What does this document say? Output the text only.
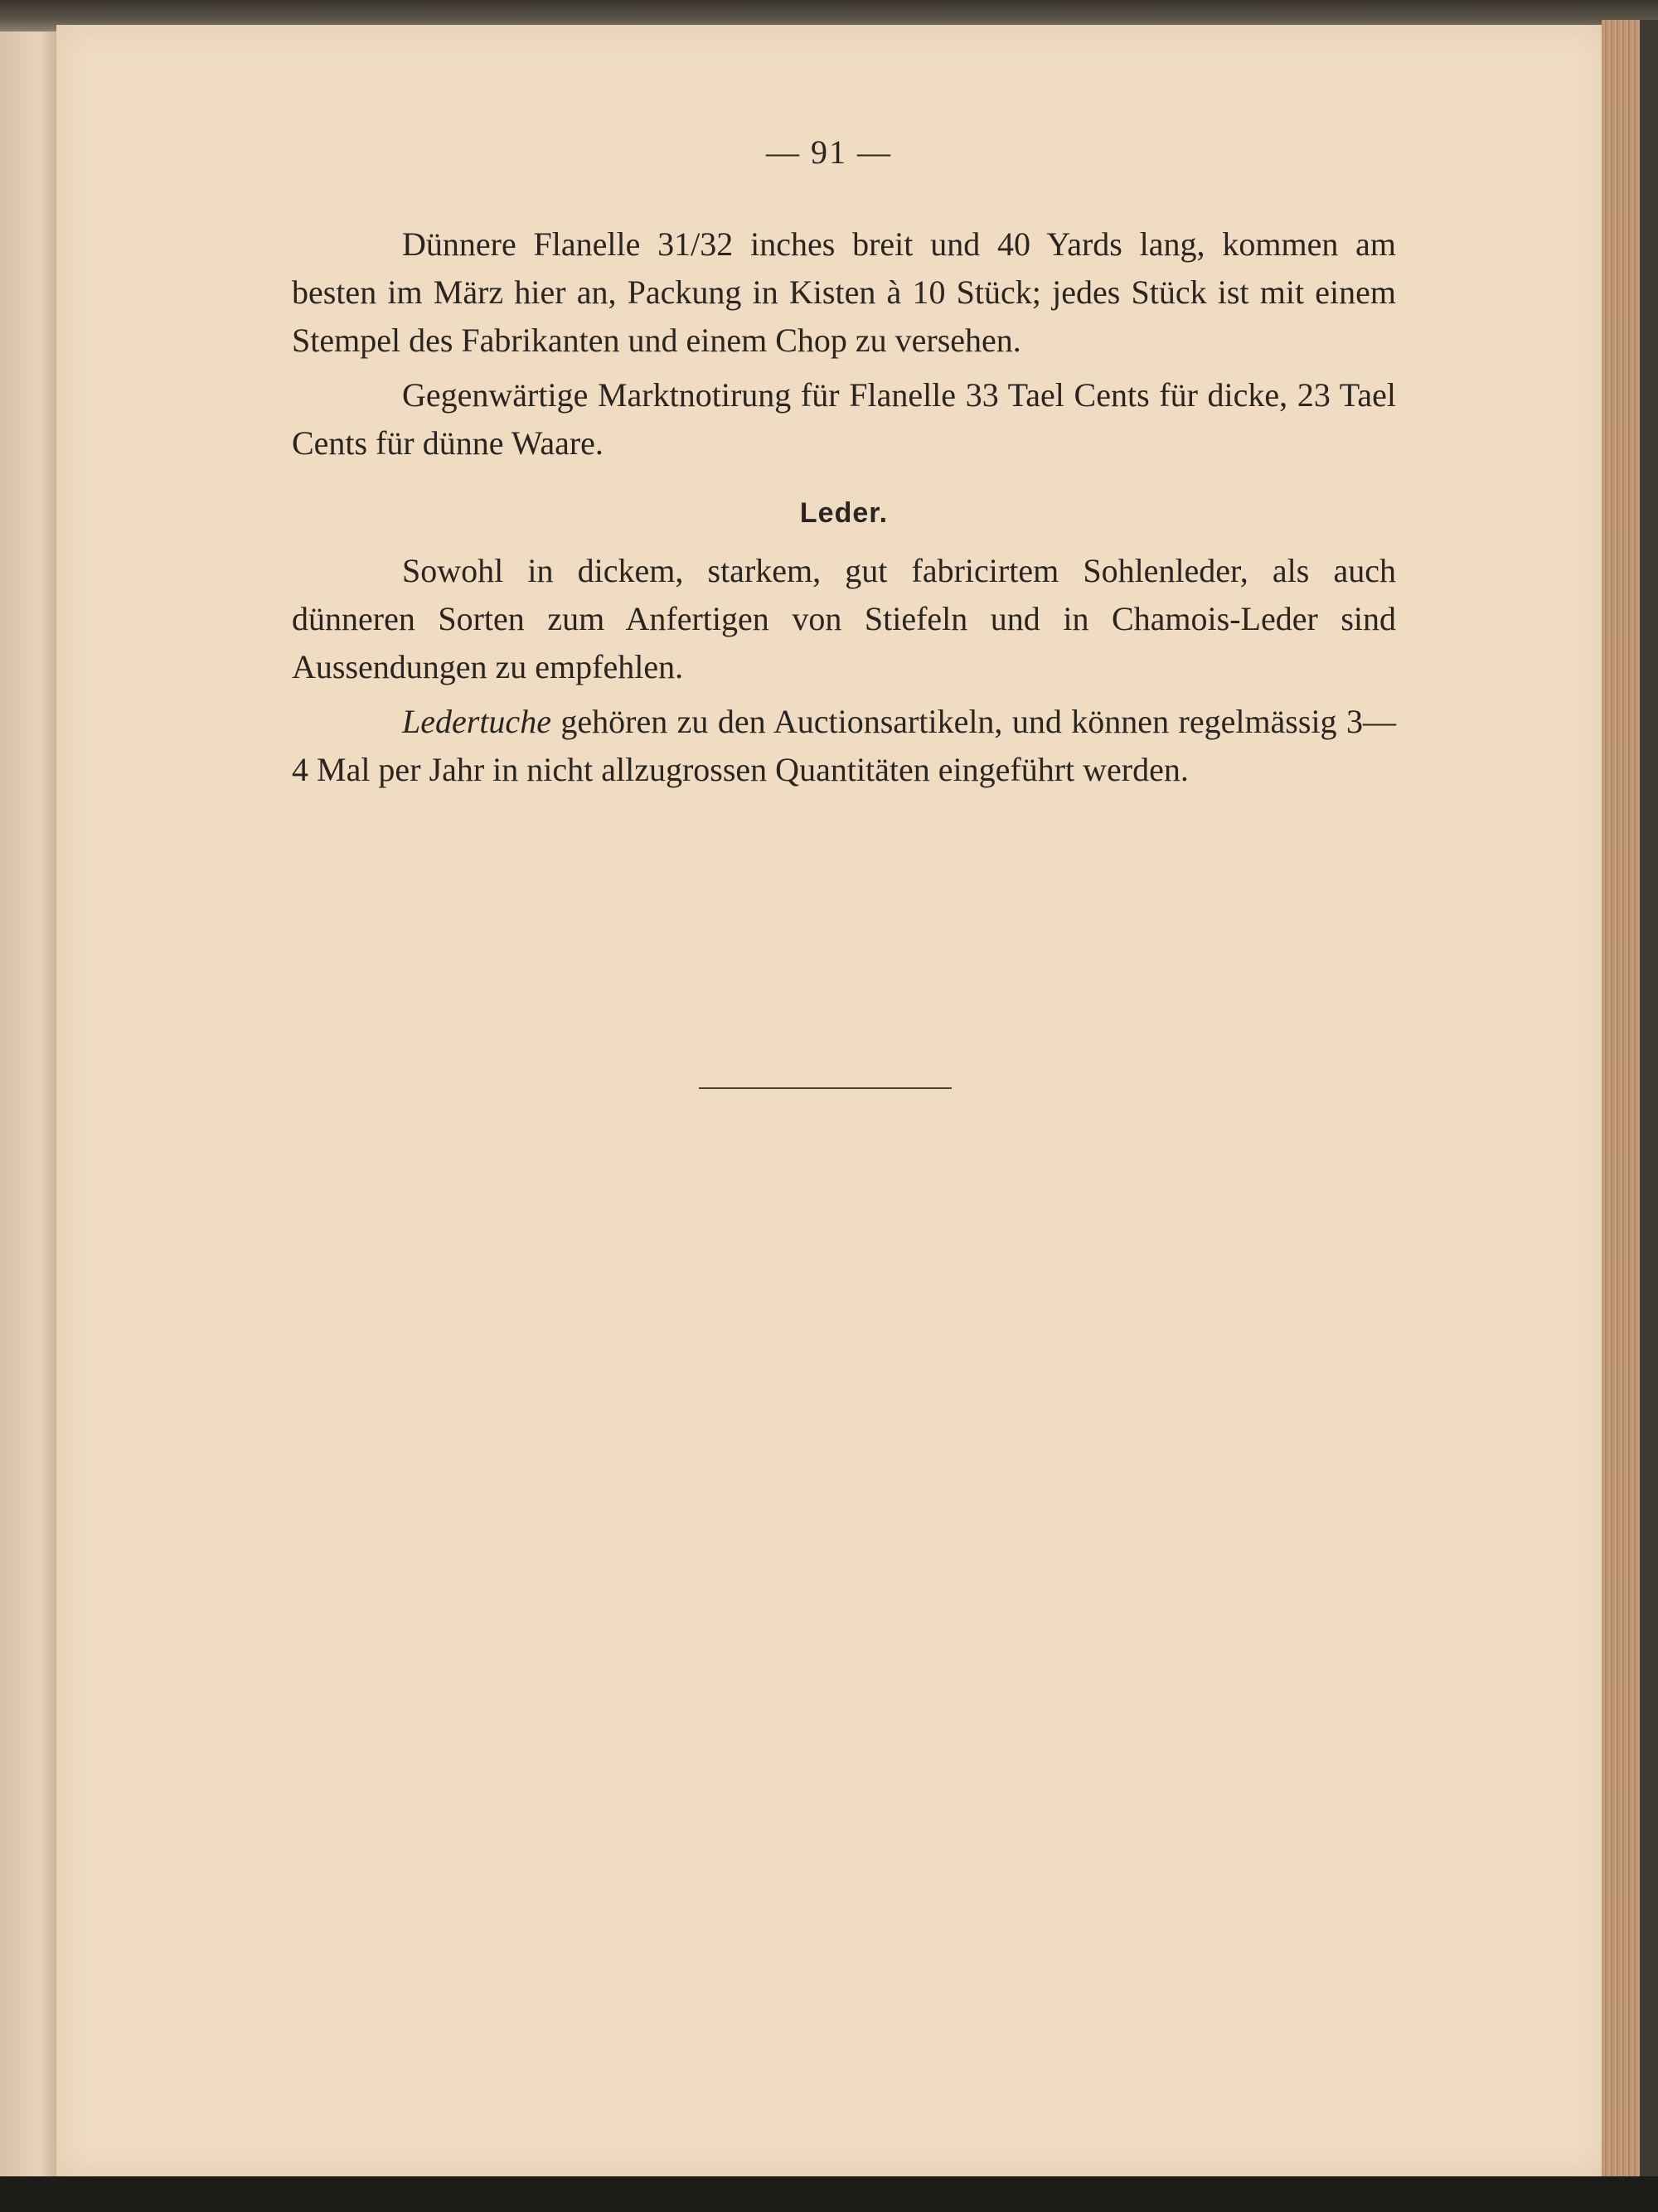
— 91 —

Dünnere Flanelle 31/32 inches breit und 40 Yards lang, kommen am besten im März hier an, Packung in Kisten à 10 Stück; jedes Stück ist mit einem Stempel des Fabrikanten und einem Chop zu versehen.

Gegenwärtige Marktnotirung für Flanelle 33 Tael Cents für dicke, 23 Tael Cents für dünne Waare.

Leder.

Sowohl in dickem, starkem, gut fabricirtem Sohlenleder, als auch dünneren Sorten zum Anfertigen von Stiefeln und in Chamois-Leder sind Aussendungen zu empfehlen.

Ledertuche gehören zu den Auctionsartikeln, und können regelmässig 3—4 Mal per Jahr in nicht allzugrossen Quantitäten eingeführt werden.
